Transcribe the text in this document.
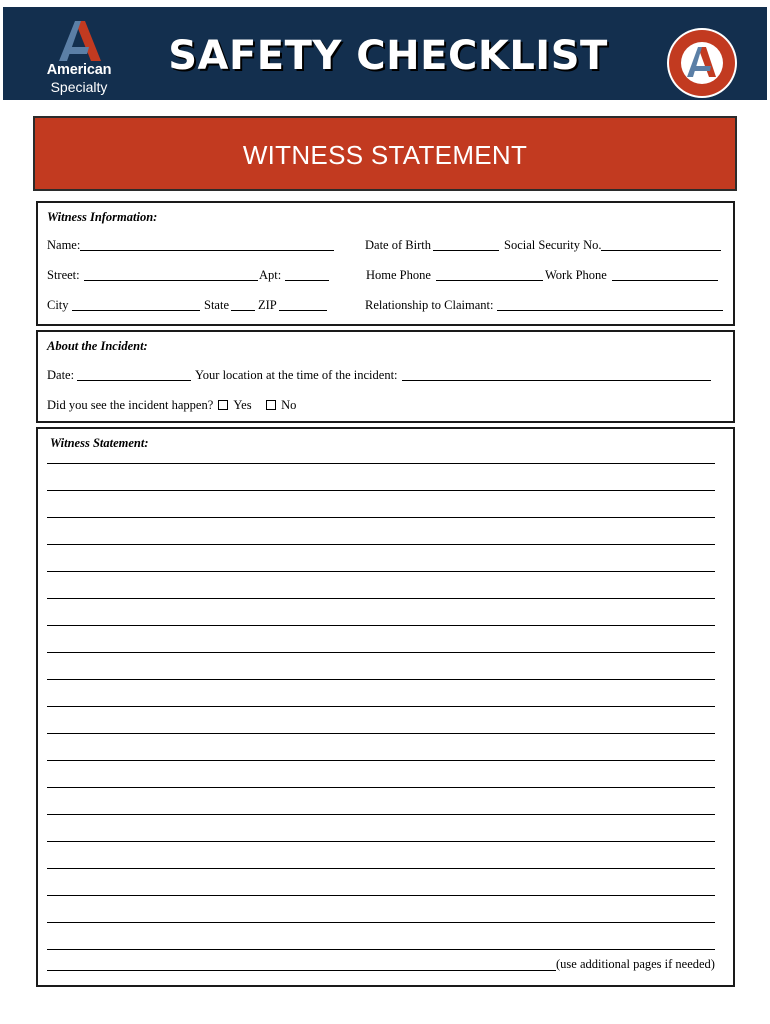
American
Specialty
SAFETY CHECKLIST
WITNESS STATEMENT
Witness Information:
Name:	Date of Birth	Social Security No.
Street:	Apt:	Home Phone	Work Phone
City	State ZIP	Relationship to Claimant:
About the Incident:
Date:	Your location at the time of the incident:
Did you see the incident happen? Yes No
Witness Statement:
(use additional pages if needed)
